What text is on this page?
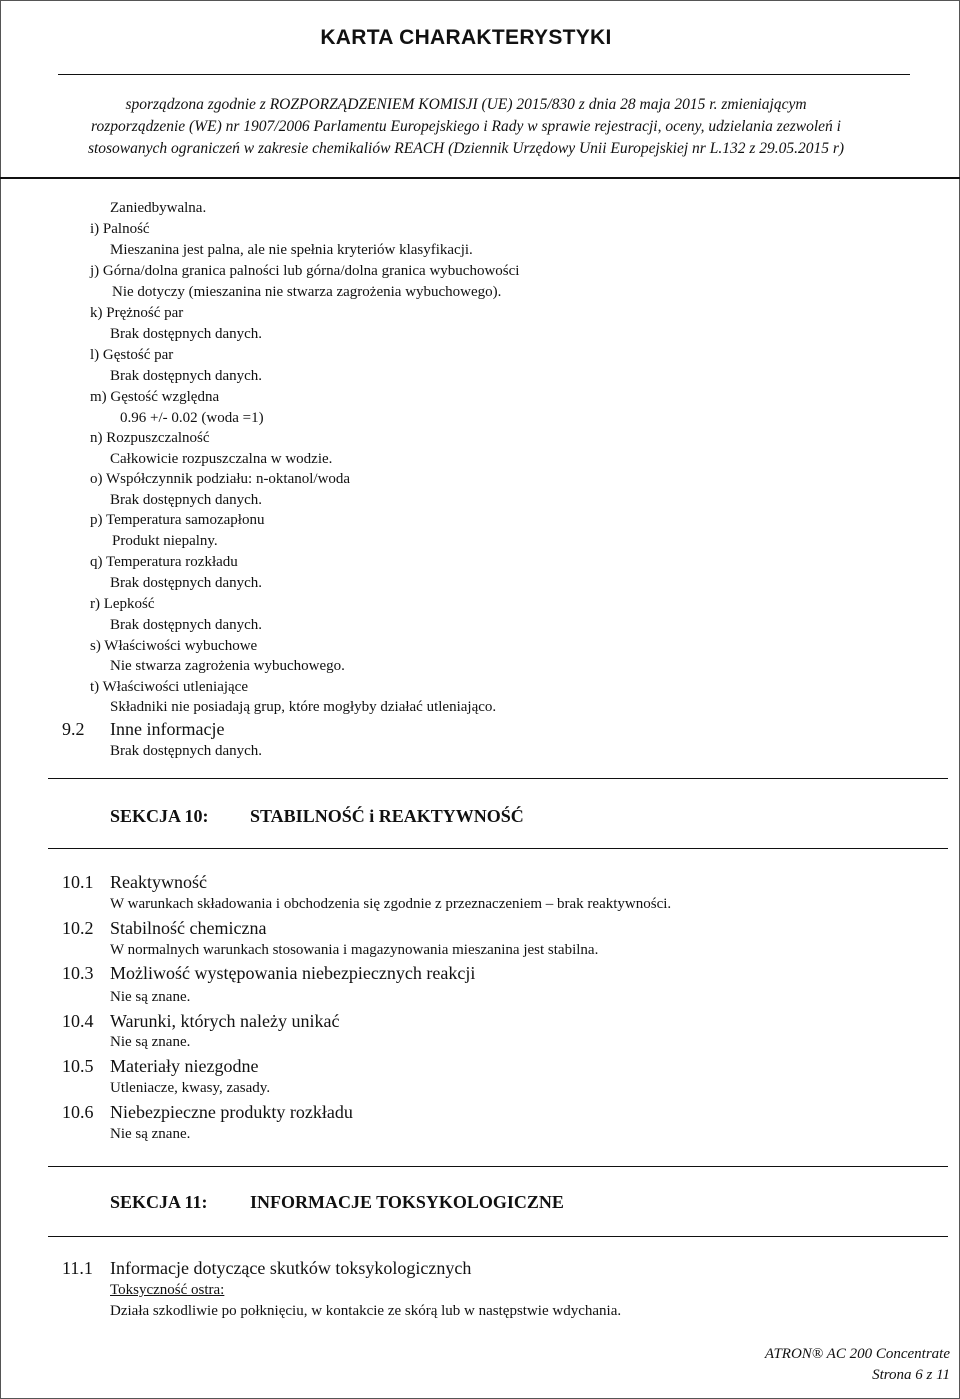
KARTA CHARAKTERYSTYKI
sporządzona zgodnie z ROZPORZĄDZENIEM KOMISJI (UE) 2015/830 z dnia 28 maja 2015 r. zmieniającym
rozporządzenie (WE) nr 1907/2006 Parlamentu Europejskiego i Rady w sprawie rejestracji, oceny, udzielania zezwoleń i
stosowanych ograniczeń w zakresie chemikaliów REACH (Dziennik Urzędowy Unii Europejskiej nr L.132 z 29.05.2015 r)
Zaniedbywalna.
i) Palność
Mieszanina jest palna, ale nie spełnia kryteriów klasyfikacji.
j) Górna/dolna granica palności lub górna/dolna granica wybuchowości
Nie dotyczy (mieszanina nie stwarza zagrożenia wybuchowego).
k) Prężność par
Brak dostępnych danych.
l) Gęstość par
Brak dostępnych danych.
m) Gęstość względna
0.96 +/- 0.02 (woda =1)
n) Rozpuszczalność
Całkowicie rozpuszczalna w wodzie.
o) Współczynnik podziału: n-oktanol/woda
Brak dostępnych danych.
p) Temperatura samozapłonu
Produkt niepalny.
q) Temperatura rozkładu
Brak dostępnych danych.
r) Lepkość
Brak dostępnych danych.
s) Właściwości wybuchowe
Nie stwarza zagrożenia wybuchowego.
t) Właściwości utleniające
Składniki nie posiadają grup, które mogłyby działać utleniająco.
9.2 Inne informacje
Brak dostępnych danych.
SEKCJA 10: STABILNOŚĆ i REAKTYWNOŚĆ
10.1 Reaktywność
W warunkach składowania i obchodzenia się zgodnie z przeznaczeniem – brak reaktywności.
10.2 Stabilność chemiczna
W normalnych warunkach stosowania i magazynowania mieszanina jest stabilna.
10.3 Możliwość występowania niebezpiecznych reakcji
Nie są znane.
10.4 Warunki, których należy unikać
Nie są znane.
10.5 Materiały niezgodne
Utleniacze, kwasy, zasady.
10.6 Niebezpieczne produkty rozkładu
Nie są znane.
SEKCJA 11: INFORMACJE TOKSYKOLOGICZNE
11.1 Informacje dotyczące skutków toksykologicznych
Toksyczność ostra:
Działa szkodliwie po połknięciu, w kontakcie ze skórą lub w następstwie wdychania.
ATRON® AC 200 Concentrate
Strona 6 z 11
